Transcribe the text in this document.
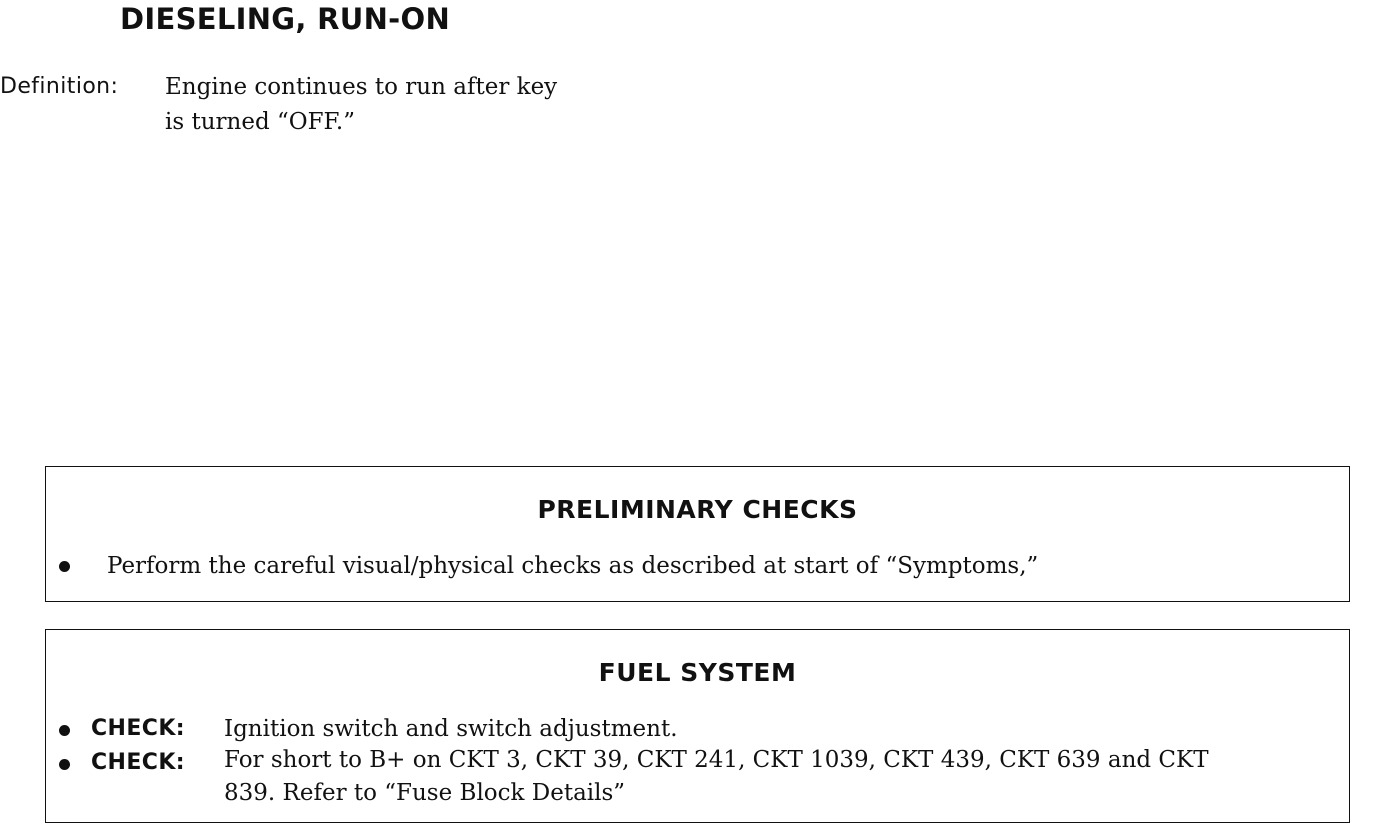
DIESELING, RUN-ON
Definition: Engine continues to run after key
is turned “OFF.”
PRELIMINARY CHECKS
Perform the careful visual/physical checks as described at start of “Symptoms,”
FUEL SYSTEM
CHECK: Ignition switch and switch adjustment.
CHECK: For short to B+ on CKT 3, CKT 39, CKT 241, CKT 1039, CKT 439, CKT 639 and CKT
839. Refer to “Fuse Block Details”
